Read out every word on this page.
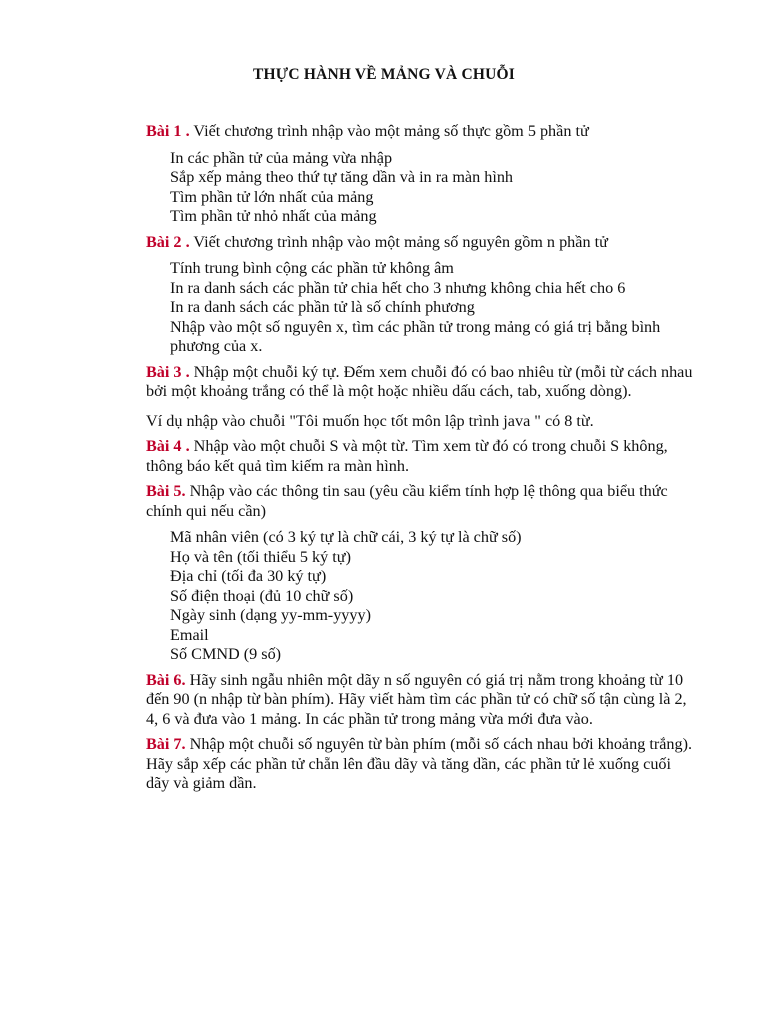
THỰC HÀNH VỀ MẢNG VÀ CHUỖI
Bài 1 . Viết chương trình nhập vào một mảng số thực gồm 5 phần tử
In các phần tử của mảng vừa nhập
Sắp xếp mảng theo thứ tự tăng dần và in ra màn hình
Tìm phần tử lớn nhất của mảng
Tìm phần tử nhỏ nhất của mảng
Bài 2 . Viết chương trình nhập vào một mảng số nguyên gồm n phần tử
Tính trung bình cộng các phần tử không âm
In ra danh sách các phần tử chia hết cho 3 nhưng không chia hết cho 6
In ra danh sách các phần tử là số chính phương
Nhập vào một số nguyên x, tìm các phần tử trong mảng có giá trị bằng bình phương của x.
Bài 3 . Nhập một chuỗi ký tự. Đếm xem chuỗi đó có bao nhiêu từ (mỗi từ cách nhau bởi một khoảng trắng có thể là một hoặc nhiều dấu cách, tab, xuống dòng).
Ví dụ nhập vào chuỗi "Tôi muốn học tốt môn lập trình java " có 8 từ.
Bài 4 . Nhập vào một chuỗi S và một từ. Tìm xem từ đó có trong chuỗi S không, thông báo kết quả tìm kiếm ra màn hình.
Bài 5. Nhập vào các thông tin sau (yêu cầu kiểm tính hợp lệ thông qua biểu thức chính qui nếu cần)
Mã nhân viên (có 3 ký tự là chữ cái, 3 ký tự là chữ số)
Họ và tên (tối thiểu 5 ký tự)
Địa chỉ (tối đa 30 ký tự)
Số điện thoại (đủ 10 chữ số)
Ngày sinh (dạng yy-mm-yyyy)
Email
Số CMND (9 số)
Bài 6. Hãy sinh ngẫu nhiên một dãy n số nguyên có giá trị nằm trong khoảng từ 10 đến 90 (n nhập từ bàn phím). Hãy viết hàm tìm các phần tử có chữ số tận cùng là 2, 4, 6 và đưa vào 1 mảng. In các phần tử trong mảng vừa mới đưa vào.
Bài 7. Nhập một chuỗi số nguyên từ bàn phím (mỗi số cách nhau bởi khoảng trắng). Hãy sắp xếp các phần tử chẵn lên đầu dãy và tăng dần, các phần tử lẻ xuống cuối dãy và giảm dần.
